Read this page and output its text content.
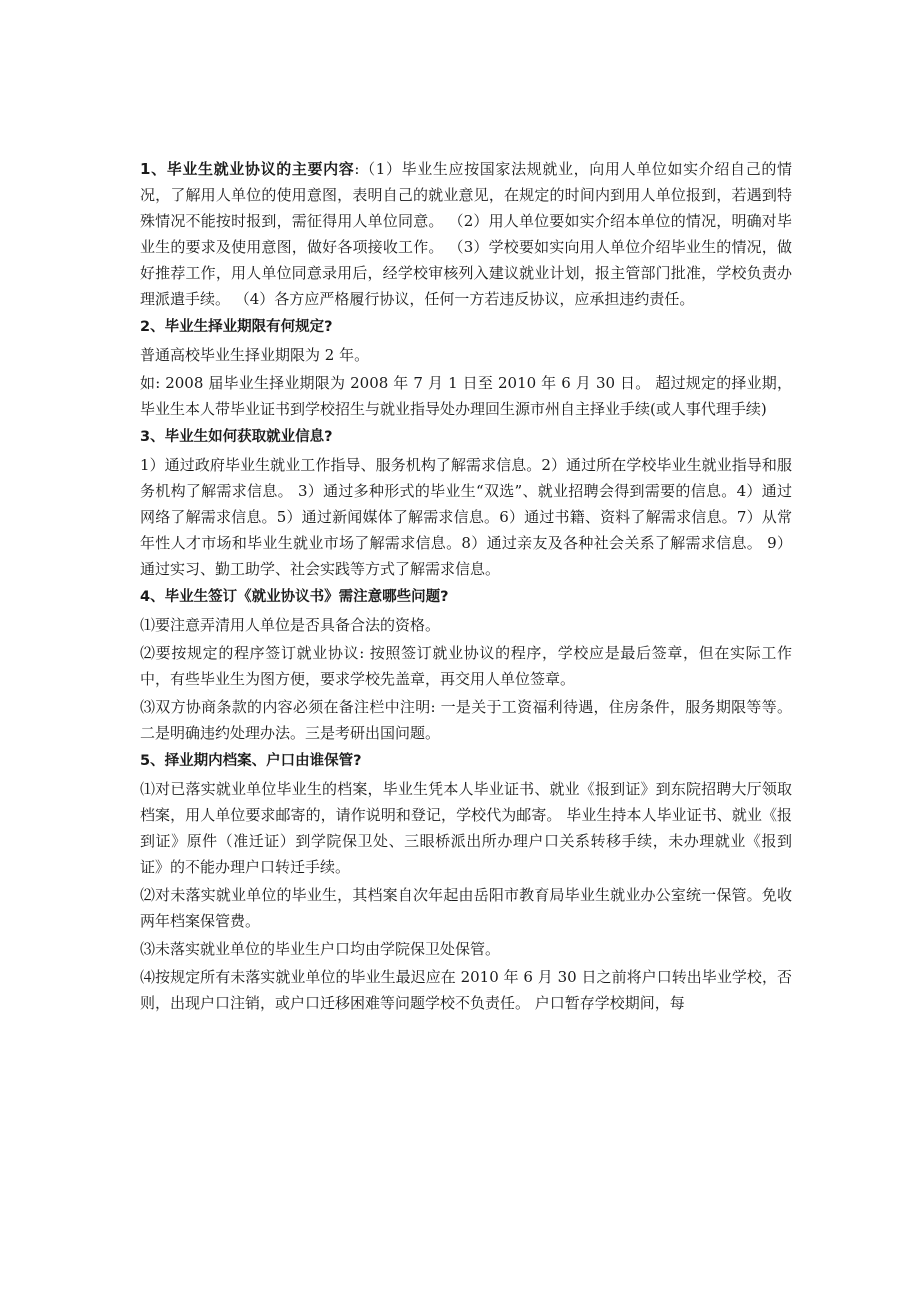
1、毕业生就业协议的主要内容:（1）毕业生应按国家法规就业，向用人单位如实介绍自己的情况，了解用人单位的使用意图，表明自己的就业意见，在规定的时间内到用人单位报到，若遇到特殊情况不能按时报到，需征得用人单位同意。 （2）用人单位要如实介绍本单位的情况，明确对毕业生的要求及使用意图，做好各项接收工作。 （3）学校要如实向用人单位介绍毕业生的情况，做好推荐工作，用人单位同意录用后，经学校审核列入建议就业计划，报主管部门批准，学校负责办理派遣手续。 （4）各方应严格履行协议，任何一方若违反协议，应承担违约责任。

2、毕业生择业期限有何规定?

普通高校毕业生择业期限为 2 年。

如: 2008 届毕业生择业期限为 2008 年 7 月 1 日至 2010 年 6 月 30 日。 超过规定的择业期，毕业生本人带毕业证书到学校招生与就业指导处办理回生源市州自主择业手续(或人事代理手续)

3、毕业生如何获取就业信息?

1）通过政府毕业生就业工作指导、服务机构了解需求信息。2）通过所在学校毕业生就业指导和服务机构了解需求信息。 3）通过多种形式的毕业生“双选”、就业招聘会得到需要的信息。4）通过网络了解需求信息。5）通过新闻媒体了解需求信息。6）通过书籍、资料了解需求信息。7）从常年性人才市场和毕业生就业市场了解需求信息。8）通过亲友及各种社会关系了解需求信息。 9）通过实习、勤工助学、社会实践等方式了解需求信息。

4、毕业生签订《就业协议书》需注意哪些问题?

⑴要注意弄清用人单位是否具备合法的资格。

⑵要按规定的程序签订就业协议: 按照签订就业协议的程序，学校应是最后签章，但在实际工作中，有些毕业生为图方便，要求学校先盖章，再交用人单位签章。

⑶双方协商条款的内容必须在备注栏中注明: 一是关于工资福利待遇，住房条件，服务期限等等。二是明确违约处理办法。三是考研出国问题。

5、择业期内档案、户口由谁保管?

⑴对已落实就业单位毕业生的档案，毕业生凭本人毕业证书、就业《报到证》到东院招聘大厅领取档案，用人单位要求邮寄的，请作说明和登记，学校代为邮寄。 毕业生持本人毕业证书、就业《报到证》原件（准迁证）到学院保卫处、三眼桥派出所办理户口关系转移手续，未办理就业《报到证》的不能办理户口转迁手续。

⑵对未落实就业单位的毕业生，其档案自次年起由岳阳市教育局毕业生就业办公室统一保管。免收两年档案保管费。

⑶未落实就业单位的毕业生户口均由学院保卫处保管。

⑷按规定所有未落实就业单位的毕业生最迟应在 2010 年 6 月 30 日之前将户口转出毕业学校，否则，出现户口注销，或户口迁移困难等问题学校不负责任。 户口暂存学校期间，每
